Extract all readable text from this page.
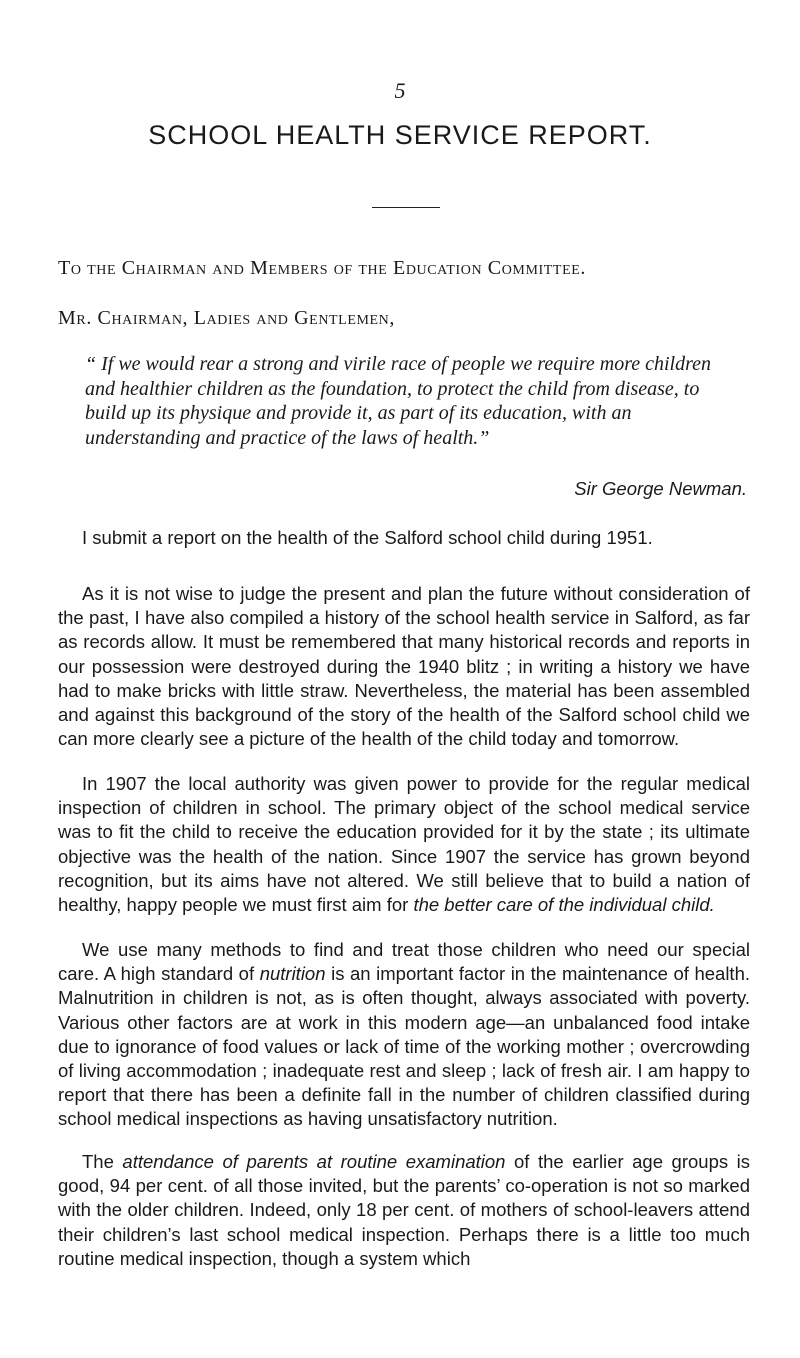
5
SCHOOL HEALTH SERVICE REPORT.

To the Chairman and Members of the Education Committee.

Mr. Chairman, Ladies and Gentlemen,

“ If we would rear a strong and virile race of people we require more children and healthier children as the foundation, to protect the child from disease, to build up its physique and provide it, as part of its education, with an understanding and practice of the laws of health.”

Sir George Newman.

I submit a report on the health of the Salford school child during 1951.

As it is not wise to judge the present and plan the future without consideration of the past, I have also compiled a history of the school health service in Salford, as far as records allow. It must be remembered that many historical records and reports in our possession were destroyed during the 1940 blitz ; in writing a history we have had to make bricks with little straw. Nevertheless, the material has been assembled and against this background of the story of the health of the Salford school child we can more clearly see a picture of the health of the child today and tomorrow.

In 1907 the local authority was given power to provide for the regular medical inspection of children in school. The primary object of the school medical service was to fit the child to receive the education provided for it by the state ; its ultimate objective was the health of the nation. Since 1907 the service has grown beyond recognition, but its aims have not altered. We still believe that to build a nation of healthy, happy people we must first aim for the better care of the individual child.

We use many methods to find and treat those children who need our special care. A high standard of nutrition is an important factor in the maintenance of health. Malnutrition in children is not, as is often thought, always associated with poverty. Various other factors are at work in this modern age—an unbalanced food intake due to ignorance of food values or lack of time of the working mother ; overcrowding of living accommodation ; inadequate rest and sleep ; lack of fresh air. I am happy to report that there has been a definite fall in the number of children classified during school medical inspections as having unsatisfactory nutrition.

The attendance of parents at routine examination of the earlier age groups is good, 94 per cent. of all those invited, but the parents’ co-operation is not so marked with the older children. Indeed, only 18 per cent. of mothers of school-leavers attend their children’s last school medical inspection. Perhaps there is a little too much routine medical inspection, though a system which
